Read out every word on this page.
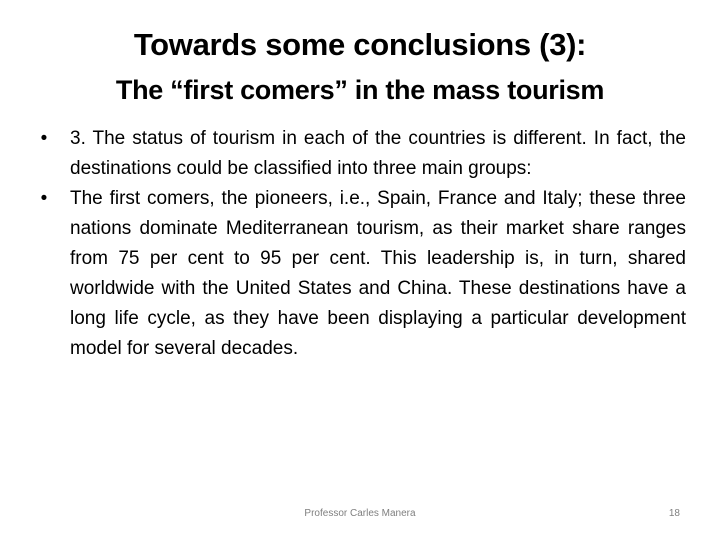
Towards some conclusions (3):

The “first comers” in the mass tourism

• 3. The status of tourism in each of the countries is different. In fact, the destinations could be classified into three main groups:
• The first comers, the pioneers, i.e., Spain, France and Italy; these three nations dominate Mediterranean tourism, as their market share ranges from 75 per cent to 95 per cent. This leadership is, in turn, shared worldwide with the United States and China. These destinations have a long life cycle, as they have been displaying a particular development model for several decades.
Professor Carles Manera	18
